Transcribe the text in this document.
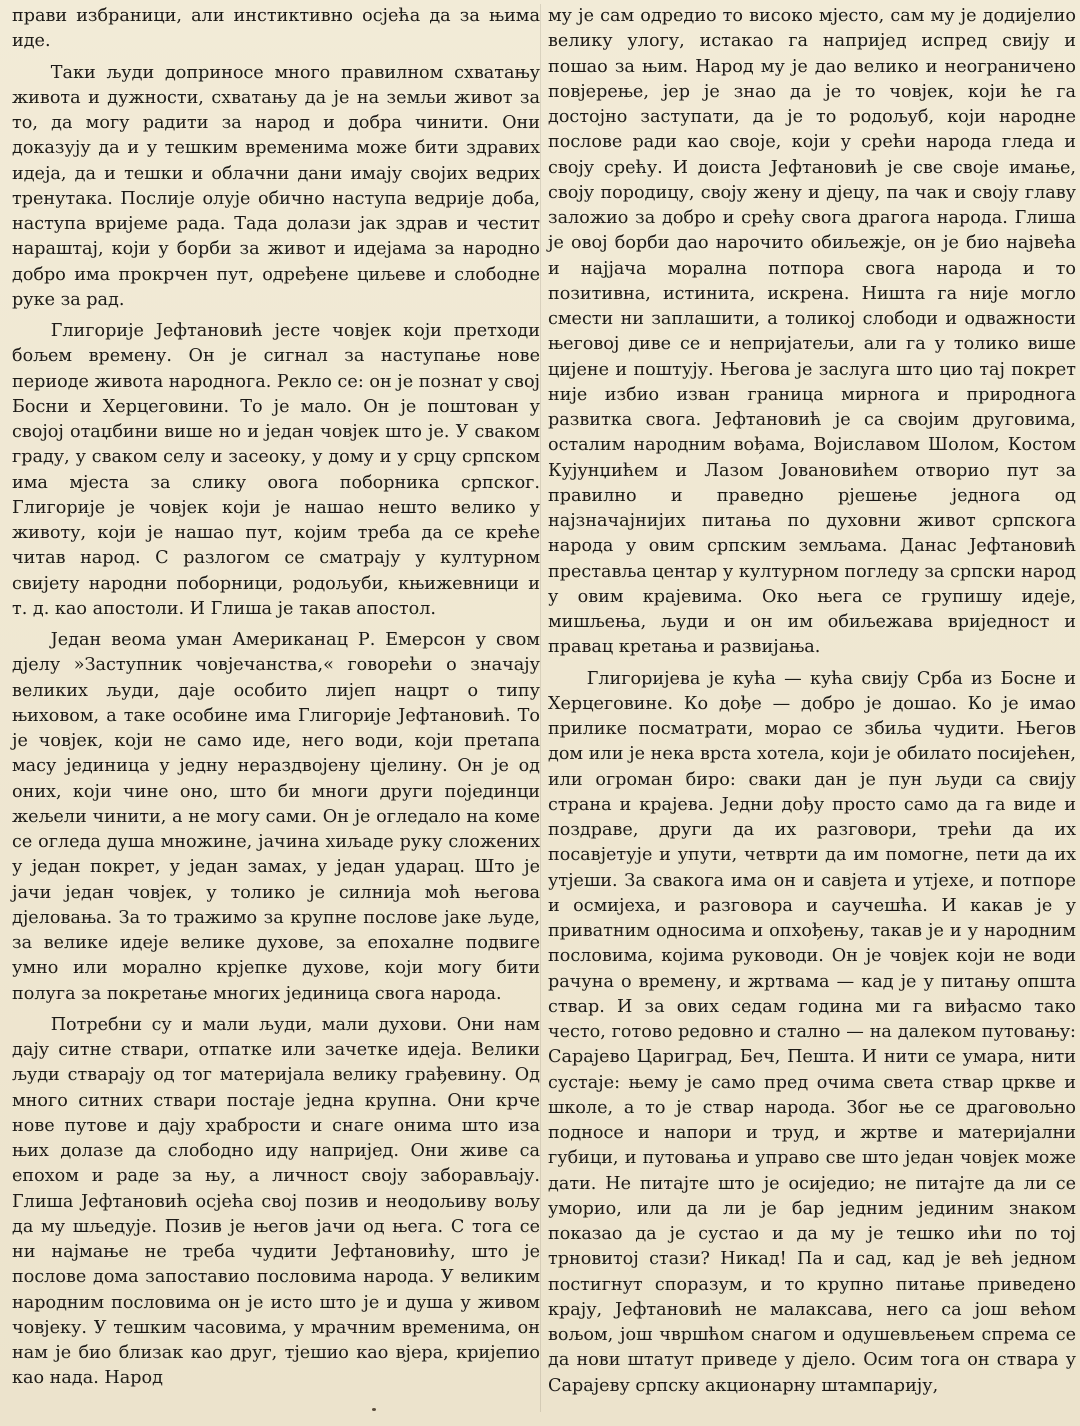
прави избраници, али инстиктивно осјећа да за њима иде.

Таки људи доприносе много правилном схватању живота и дужности, схватању да је на земљи живот за то, да могу радити за народ и добра чинити. Они доказују да и у тешким временима може бити здравих идеја, да и тешки и облачни дани имају својих ведрих тренутака. Послије олује обично наступа ведрије доба, наступа вријеме рада. Тада долази јак здрав и честит нараштај, који у борби за живот и идејама за народно добро има прокрчен пут, одређене циљеве и слободне руке за рад.

Глигорије Јефтановић јесте човјек који претходи бољем времену. Он је сигнал за наступање нове периоде живота народнога. Рекло се: он је познат у свој Босни и Херцеговини. То је мало. Он је поштован у својој отаџбини више но и један човјек што је. У сваком граду, у сваком селу и засеоку, у дому и у срцу српском има мјеста за слику овога поборника српског. Глигорије је човјек који је нашао нешто велико у животу, који је нашао пут, којим треба да се креће читав народ. С разлогом се сматрају у културном свијету народни поборници, родољуби, књижевници и т. д. као апостоли. И Глиша је такав апостол.

Један веома уман Американац Р. Емерсон у свом дјелу »Заступник човјечанства,« говорећи о значају великих људи, даје особито лијеп нацрт о типу њиховом, а таке особине има Глигорије Јефтановић. То је човјек, који не само иде, него води, који претапа масу јединица у једну нераздвојену цјелину. Он је од оних, који чине оно, што би многи други појединци жељели чинити, а не могу сами. Он је огледало на коме се огледа душа множине, јачина хиљаде руку сложених у један покрет, у један замах, у један ударац. Што је јачи један човјек, у толико је силнија моћ његова дјеловања. За то тражимо за крупне послове јаке људе, за велике идеје велике духове, за епохалне подвиге умно или морално крјепке духове, који могу бити полуга за покретање многих јединица свога народа.

Потребни су и мали људи, мали духови. Они нам дају ситне ствари, отпатке или зачетке идеја. Велики људи стварају од тог материјала велику грађевину. Од много ситних ствари постаје једна крупна. Они крче нове путове и дају храбрости и снаге онима што иза њих долазе да слободно иду напријед. Они живе са епохом и раде за њу, а личност своју заборављају. Глиша Јефтановић осјећа свој позив и неодољиву вољу да му шљедује. Позив је његов јачи од њега. С тога се ни најмање не треба чудити Јефтановићу, што је послове дома запоставио пословима народа. У великим народним пословима он је исто што је и душа у живом човјеку. У тешким часовима, у мрачним временима, он нам је био близак као друг, тјешио као вјера, кријепио као нада. Народ

му је сам одредио то високо мјесто, сам му је додијелио велику улогу, истакао га напријед испред свију и пошао за њим. Народ му је дао велико и неограничено повјерење, јер је знао да је то човјек, који ће га достојно заступати, да је то родољуб, који народне послове ради као своје, који у срећи народа гледа и своју срећу. И доиста Јефтановић је све своје имање, своју породицу, своју жену и дјецу, па чак и своју главу заложио за добро и срећу свога драгога народа. Глиша је овој борби дао нарочито обиљежје, он је био највећа и најјача морална потпора свога народа и то позитивна, истинита, искрена. Ништа га није могло смести ни заплашити, а толикој слободи и одважности његовој диве се и непријатељи, али га у толико више цијене и поштују. Његова је заслуга што цио тај покрет није избио изван граница мирнога и природнога развитка свога. Јефтановић је са својим друговима, осталим народним вођама, Војиславом Шолом, Костом Кујунџићем и Лазом Јовановићем отворио пут за правилно и праведно рјешење једнога од најзначајнијих питања по духовни живот српскога народа у овим српским земљама. Данас Јефтановић преставља центар у културном погледу за српски народ у овим крајевима. Око њега се групишу идеје, мишљења, људи и он им обиљежава вриједност и правац кретања и развијања.

Глигоријева је кућа — кућа свију Срба из Босне и Херцеговине. Ко дође — добро је дошао. Ко је имао прилике посматрати, морао се збиља чудити. Његов дом или је нека врста хотела, који је обилато посијећен, или огроман биро: сваки дан је пун људи са свију страна и крајева. Једни дођу просто само да га виде и поздраве, други да их разговори, трећи да их посавјетује и упути, четврти да им помогне, пети да их утјеши. За свакога има он и савјета и утјехе, и потпоре и осмијеха, и разговора и саучешћа. И какав је у приватним односима и опхођењу, такав је и у народним пословима, којима руководи. Он је човјек који не води рачуна о времену, и жртвама — кад је у питању општа ствар. И за ових седам година ми га виђасмо тако често, готово редовно и стално — на далеком путовању: Сарајево Цариград, Беч, Пешта. И нити се умара, нити сустаје: њему је само пред очима света ствар цркве и школе, а то је ствар народа. Због ње се драговољно подносе и напори и труд, и жртве и материјални губици, и путовања и управо све што један човјек може дати. Не питајте што је осиједио; не питајте да ли се уморио, или да ли је бар једним јединим знаком показао да је сустао и да му је тешко ићи по тој трновитој стази? Никад! Па и сад, кад је већ једном постигнут споразум, и то крупно питање приведено крају, Јефтановић не малаксава, него са још већом вољом, још чвршћом снагом и одушевљењем спрема се да нови штатут приведе у дјело. Осим тога он ствара у Сарајеву српску акционарну штампарију,
